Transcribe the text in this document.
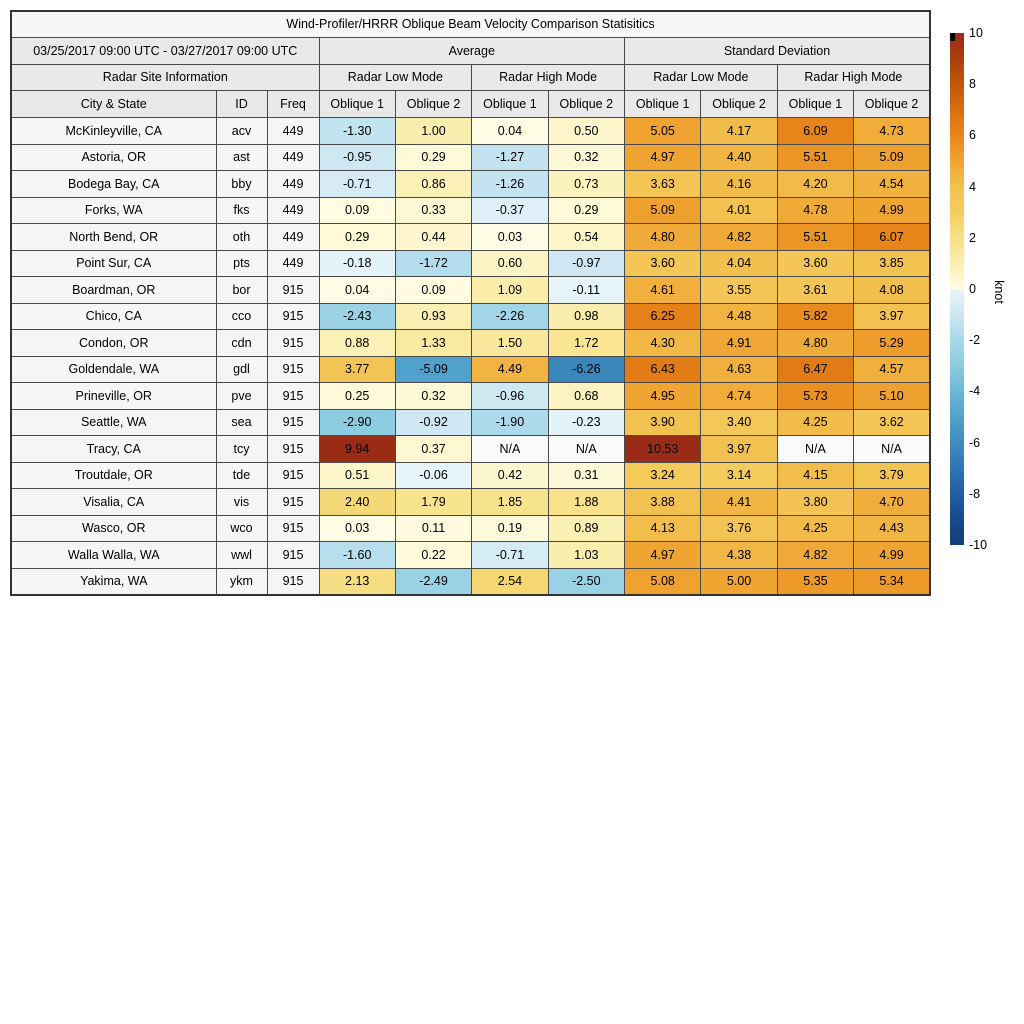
Wind-Profiler/HRRR Oblique Beam Velocity Comparison Statisitics										
03/25/2017 09:00 UTC - 03/27/2017 09:00 UTC			Average				Standard Deviation			
Radar Site Information			Radar Low Mode		Radar High Mode		Radar Low Mode		Radar High Mode	
City & State	ID	Freq	Oblique 1	Oblique 2	Oblique 1	Oblique 2	Oblique 1	Oblique 2	Oblique 1	Oblique 2
McKinleyville, CA	acv	449	-1.30	1.00	0.04	0.50	5.05	4.17	6.09	4.73
Astoria, OR	ast	449	-0.95	0.29	-1.27	0.32	4.97	4.40	5.51	5.09
Bodega Bay, CA	bby	449	-0.71	0.86	-1.26	0.73	3.63	4.16	4.20	4.54
Forks, WA	fks	449	0.09	0.33	-0.37	0.29	5.09	4.01	4.78	4.99
North Bend, OR	oth	449	0.29	0.44	0.03	0.54	4.80	4.82	5.51	6.07
Point Sur, CA	pts	449	-0.18	-1.72	0.60	-0.97	3.60	4.04	3.60	3.85
Boardman, OR	bor	915	0.04	0.09	1.09	-0.11	4.61	3.55	3.61	4.08
Chico, CA	cco	915	-2.43	0.93	-2.26	0.98	6.25	4.48	5.82	3.97
Condon, OR	cdn	915	0.88	1.33	1.50	1.72	4.30	4.91	4.80	5.29
Goldendale, WA	gdl	915	3.77	-5.09	4.49	-6.26	6.43	4.63	6.47	4.57
Prineville, OR	pve	915	0.25	0.32	-0.96	0.68	4.95	4.74	5.73	5.10
Seattle, WA	sea	915	-2.90	-0.92	-1.90	-0.23	3.90	3.40	4.25	3.62
Tracy, CA	tcy	915	9.94	0.37	N/A	N/A	10.53	3.97	N/A	N/A
Troutdale, OR	tde	915	0.51	-0.06	0.42	0.31	3.24	3.14	4.15	3.79
Visalia, CA	vis	915	2.40	1.79	1.85	1.88	3.88	4.41	3.80	4.70
Wasco, OR	wco	915	0.03	0.11	0.19	0.89	4.13	3.76	4.25	4.43
Walla Walla, WA	wwl	915	-1.60	0.22	-0.71	1.03	4.97	4.38	4.82	4.99
Yakima, WA	ykm	915	2.13	-2.49	2.54	-2.50	5.08	5.00	5.35	5.34
10
8
6
4
2
0
-2
-4
-6
-8
-10
knot
